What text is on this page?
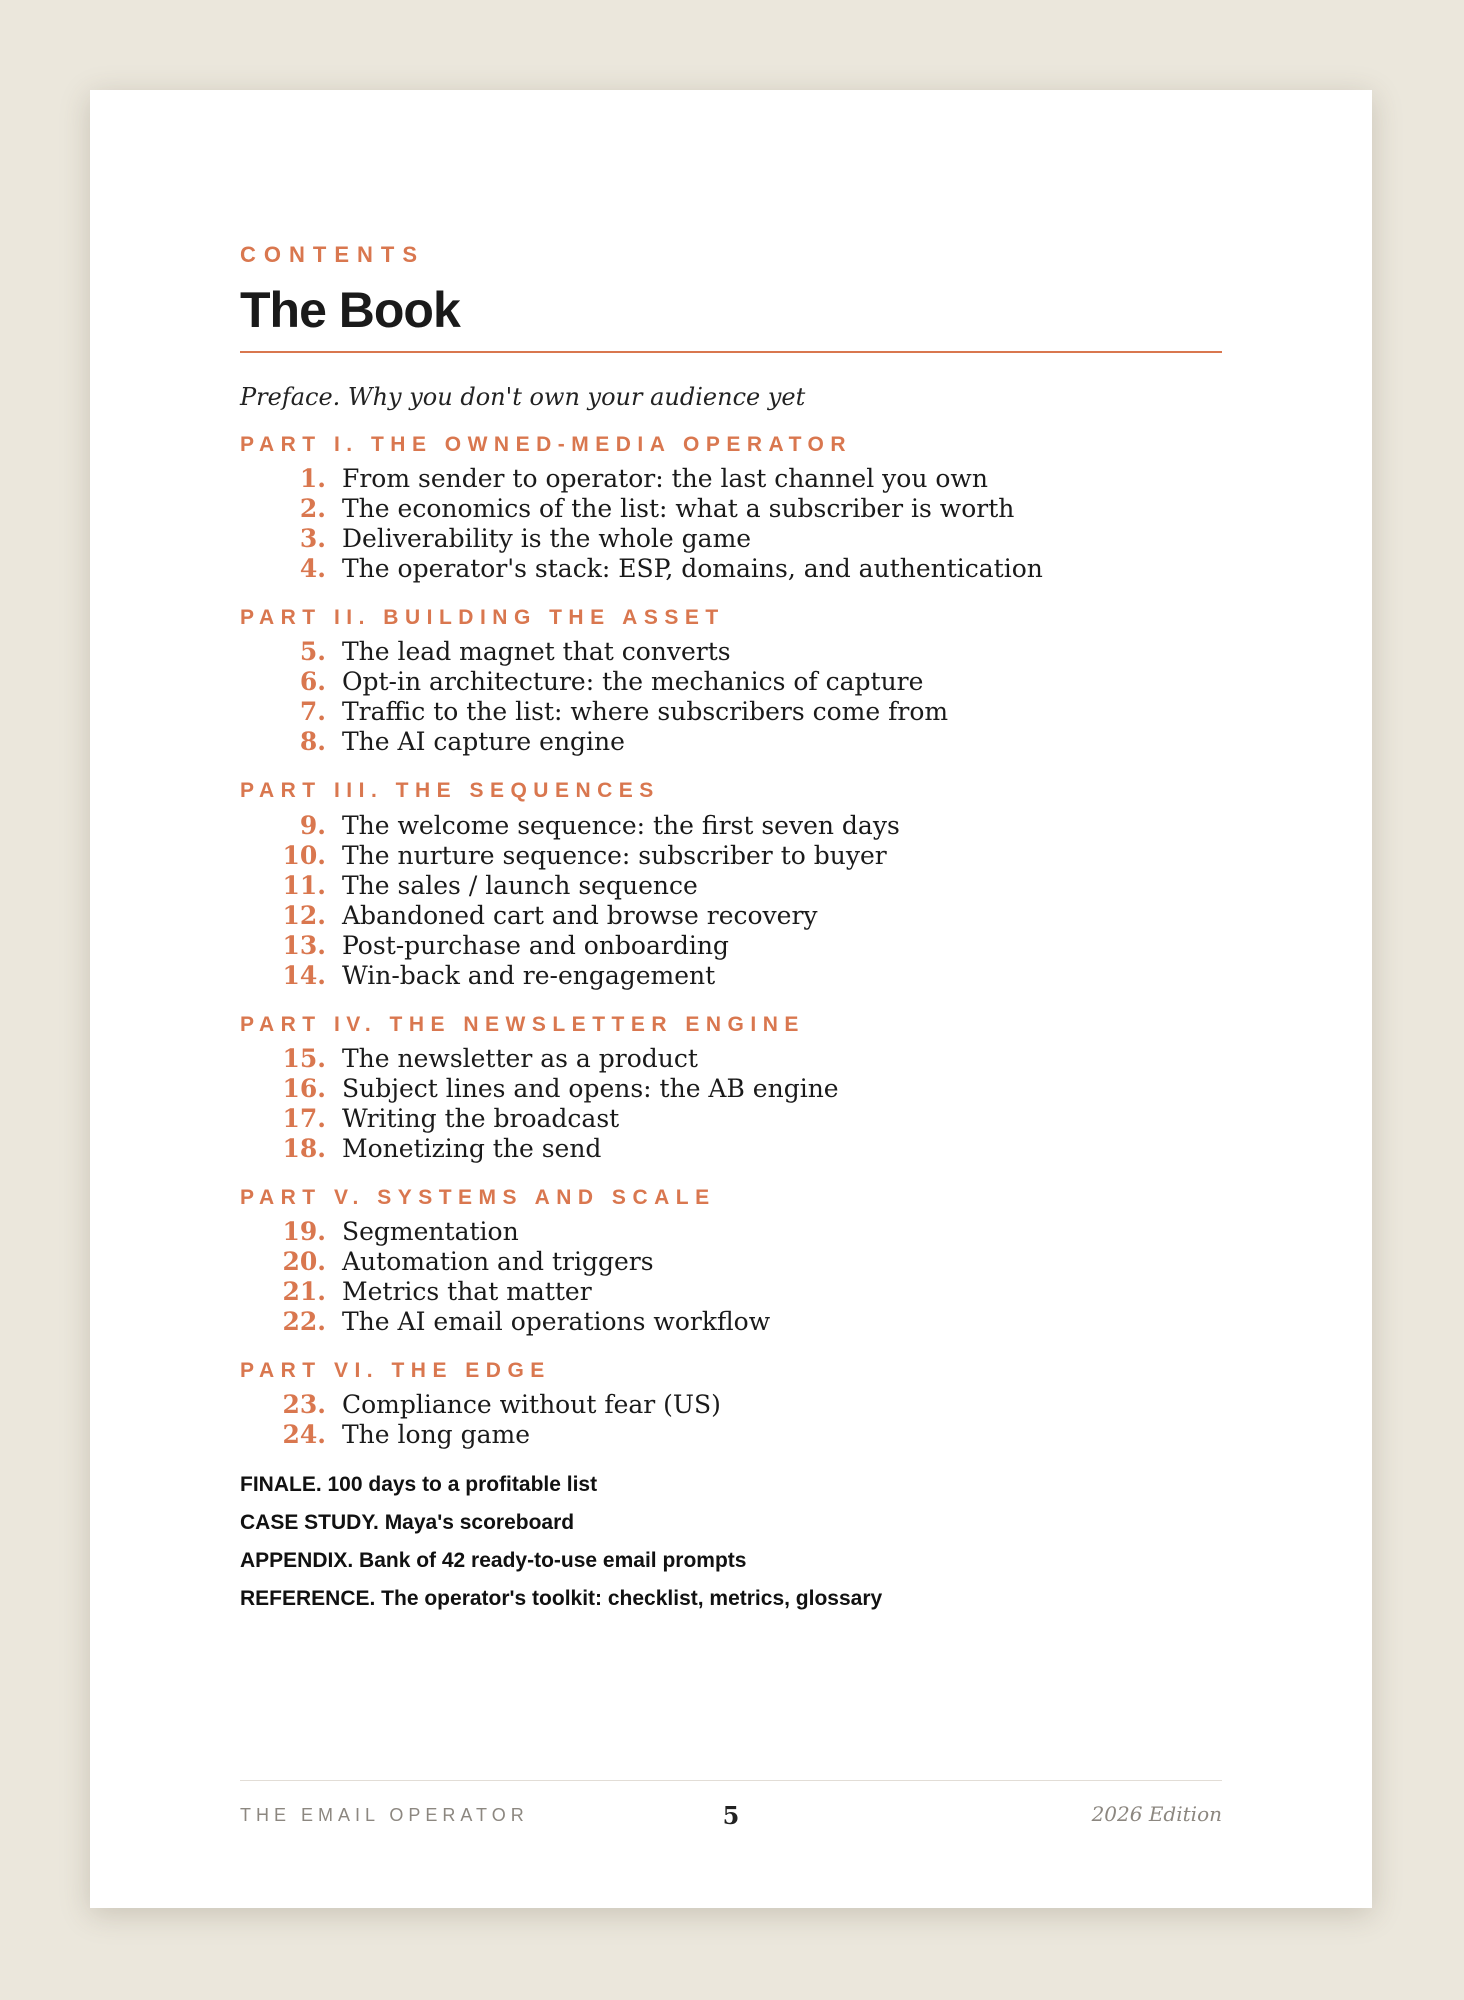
CONTENTS
The Book
Preface. Why you don't own your audience yet
PART I. THE OWNED-MEDIA OPERATOR
1. From sender to operator: the last channel you own
2. The economics of the list: what a subscriber is worth
3. Deliverability is the whole game
4. The operator's stack: ESP, domains, and authentication
PART II. BUILDING THE ASSET
5. The lead magnet that converts
6. Opt-in architecture: the mechanics of capture
7. Traffic to the list: where subscribers come from
8. The AI capture engine
PART III. THE SEQUENCES
9. The welcome sequence: the first seven days
10. The nurture sequence: subscriber to buyer
11. The sales / launch sequence
12. Abandoned cart and browse recovery
13. Post-purchase and onboarding
14. Win-back and re-engagement
PART IV. THE NEWSLETTER ENGINE
15. The newsletter as a product
16. Subject lines and opens: the AB engine
17. Writing the broadcast
18. Monetizing the send
PART V. SYSTEMS AND SCALE
19. Segmentation
20. Automation and triggers
21. Metrics that matter
22. The AI email operations workflow
PART VI. THE EDGE
23. Compliance without fear (US)
24. The long game
FINALE. 100 days to a profitable list
CASE STUDY. Maya's scoreboard
APPENDIX. Bank of 42 ready-to-use email prompts
REFERENCE. The operator's toolkit: checklist, metrics, glossary
THE EMAIL OPERATOR	5	2026 Edition
